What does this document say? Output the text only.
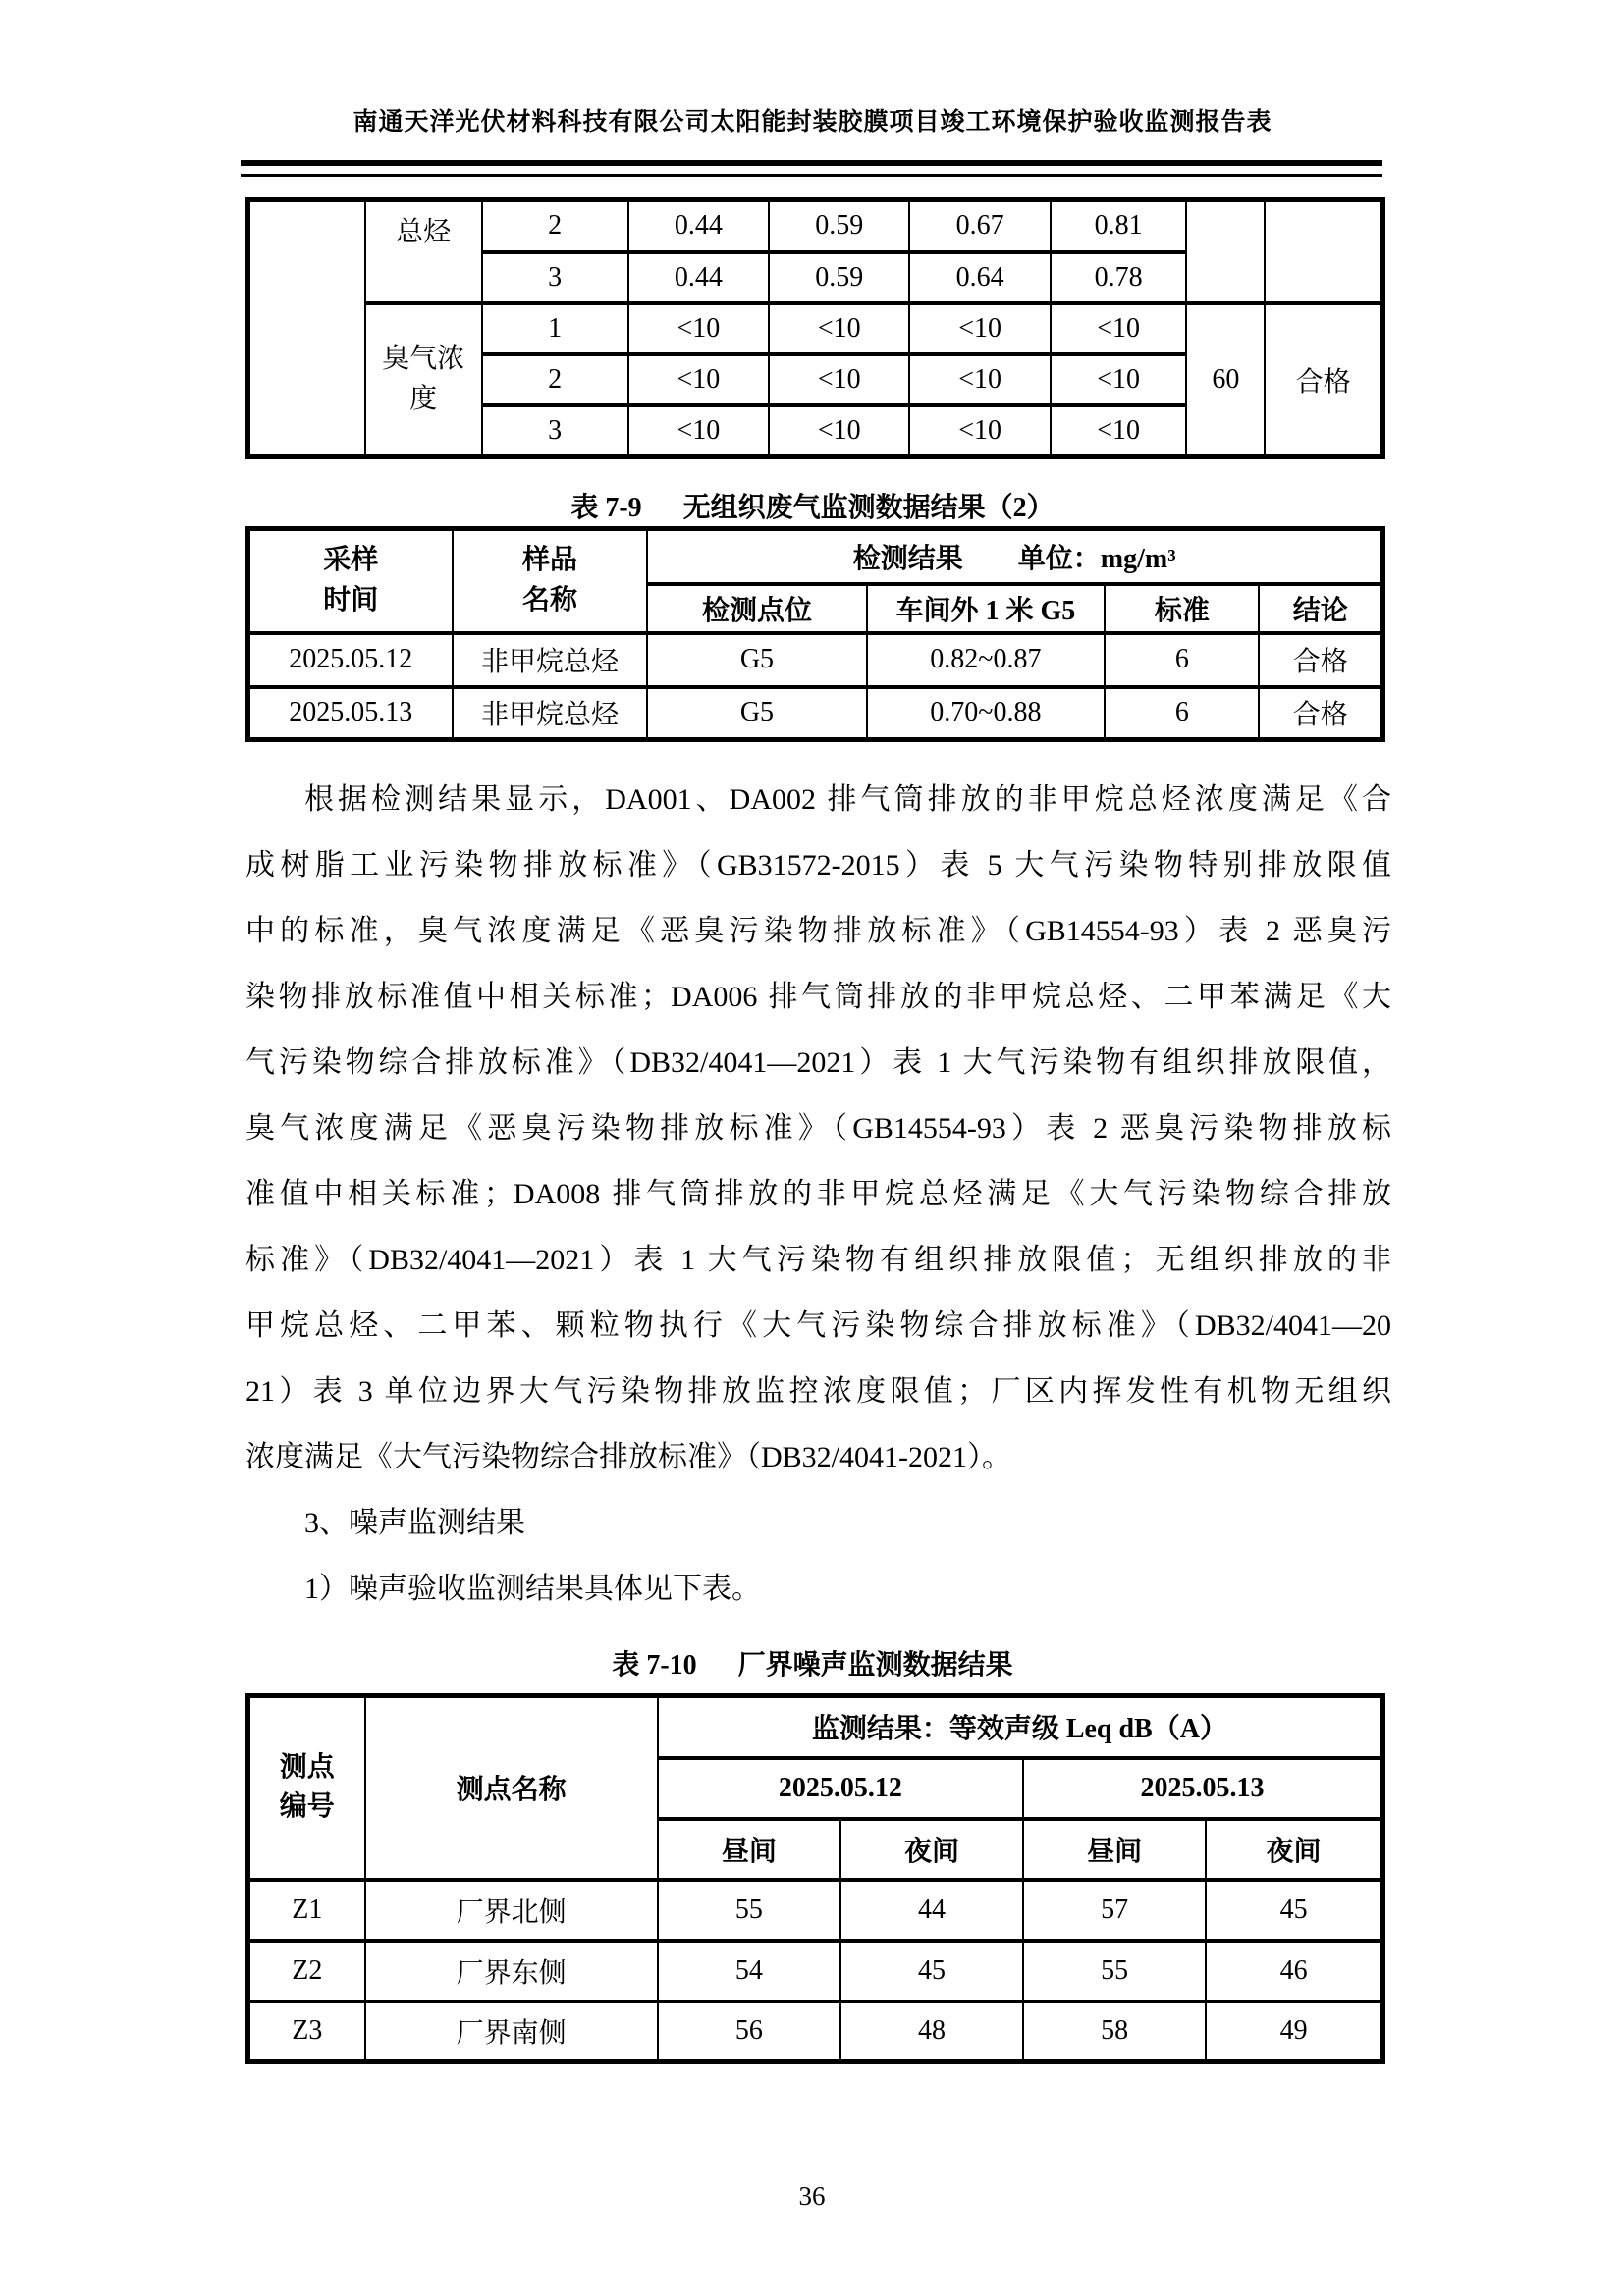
南通天洋光伏材料科技有限公司太阳能封装胶膜项目竣工环境保护验收监测报告表
	总烃	2	0.44	0.59	0.67	0.81		
		3	0.44	0.59	0.64	0.78		
	臭气浓度	1	<10	<10	<10	<10	60	合格
		2	<10	<10	<10	<10		
		3	<10	<10	<10	<10		
表 7-9 无组织废气监测数据结果（2）
采样时间	样品名称	检测结果　　单位：mg/m³			
		检测点位	车间外 1 米 G5	标准	结论
2025.05.12	非甲烷总烃	G5	0.82~0.87	6	合格
2025.05.13	非甲烷总烃	G5	0.70~0.88	6	合格
根据检测结果显示，DA001、DA002 排气筒排放的非甲烷总烃浓度满足《合
成树脂工业污染物排放标准》（GB31572-2015）表 5 大气污染物特别排放限值
中的标准，臭气浓度满足《恶臭污染物排放标准》（GB14554-93）表 2 恶臭污
染物排放标准值中相关标准；DA006 排气筒排放的非甲烷总烃、二甲苯满足《大
气污染物综合排放标准》（DB32/4041—2021）表 1 大气污染物有组织排放限值，
臭气浓度满足《恶臭污染物排放标准》（GB14554-93）表 2 恶臭污染物排放标
准值中相关标准；DA008 排气筒排放的非甲烷总烃满足《大气污染物综合排放
标准》（DB32/4041—2021）表 1 大气污染物有组织排放限值；无组织排放的非
甲烷总烃、二甲苯、颗粒物执行《大气污染物综合排放标准》（DB32/4041—20
21）表 3 单位边界大气污染物排放监控浓度限值；厂区内挥发性有机物无组织
浓度满足《大气污染物综合排放标准》（DB32/4041-2021）。
3、噪声监测结果
1）噪声验收监测结果具体见下表。
表 7-10 厂界噪声监测数据结果
测点编号	测点名称	监测结果：等效声级 Leq dB（A）			
		2025.05.12		2025.05.13	
		昼间	夜间	昼间	夜间
Z1	厂界北侧	55	44	57	45
Z2	厂界东侧	54	45	55	46
Z3	厂界南侧	56	48	58	49
36
